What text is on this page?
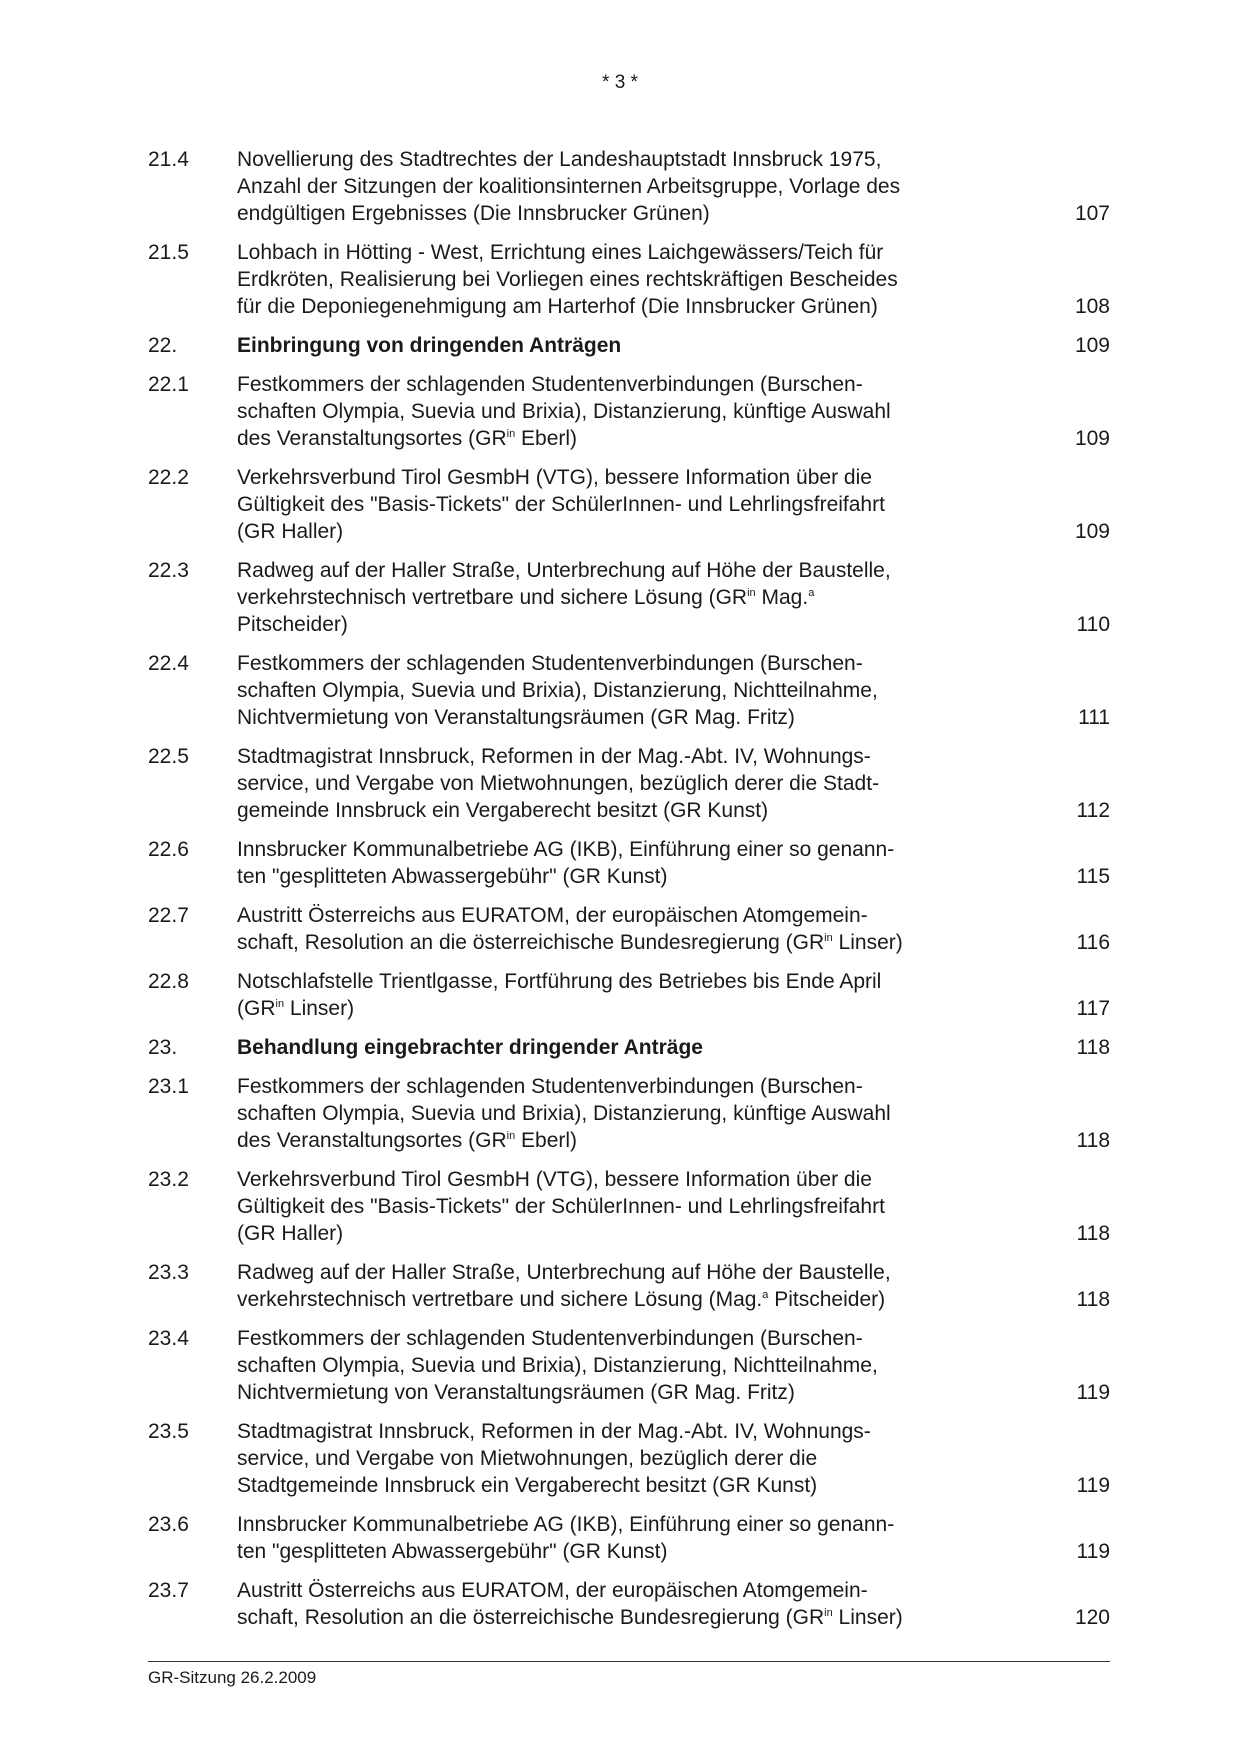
* 3 *
21.4	Novellierung des Stadtrechtes der Landeshauptstadt Innsbruck 1975,
Anzahl der Sitzungen der koalitionsinternen Arbeitsgruppe, Vorlage des
endgültigen Ergebnisses (Die Innsbrucker Grünen)	107
21.5	Lohbach in Hötting - West, Errichtung eines Laichgewässers/Teich für
Erdkröten, Realisierung bei Vorliegen eines rechtskräftigen Bescheides
für die Deponiegenehmigung am Harterhof (Die Innsbrucker Grünen)	108
22.	Einbringung von dringenden Anträgen	109
22.1	Festkommers der schlagenden Studentenverbindungen (Burschen-
schaften Olympia, Suevia und Brixia), Distanzierung, künftige Auswahl
des Veranstaltungsortes ($GR^{in}$ Eberl)	109
22.2	Verkehrsverbund Tirol GesmbH (VTG), bessere Information über die
Gültigkeit des "Basis-Tickets" der SchülerInnen- und Lehrlingsfreifahrt
(GR Haller)	109
22.3	Radweg auf der Haller Straße, Unterbrechung auf Höhe der Baustelle,
verkehrstechnisch vertretbare und sichere Lösung ($GR^{in}$ Mag.$^a$
Pitscheider)	110
22.4	Festkommers der schlagenden Studentenverbindungen (Burschen-
schaften Olympia, Suevia und Brixia), Distanzierung, Nichtteilnahme,
Nichtvermietung von Veranstaltungsräumen (GR Mag. Fritz)	111
22.5	Stadtmagistrat Innsbruck, Reformen in der Mag.-Abt. IV, Wohnungs-
service, und Vergabe von Mietwohnungen, bezüglich derer die Stadt-
gemeinde Innsbruck ein Vergaberecht besitzt (GR Kunst)	112
22.6	Innsbrucker Kommunalbetriebe AG (IKB), Einführung einer so genann-
ten "gesplitteten Abwassergebühr" (GR Kunst)	115
22.7	Austritt Österreichs aus EURATOM, der europäischen Atomgemein-
schaft, Resolution an die österreichische Bundesregierung ($GR^{in}$ Linser)	116
22.8	Notschlafstelle Trientlgasse, Fortführung des Betriebes bis Ende April
($GR^{in}$ Linser)	117
23.	Behandlung eingebrachter dringender Anträge	118
23.1	Festkommers der schlagenden Studentenverbindungen (Burschen-
schaften Olympia, Suevia und Brixia), Distanzierung, künftige Auswahl
des Veranstaltungsortes ($GR^{in}$ Eberl)	118
23.2	Verkehrsverbund Tirol GesmbH (VTG), bessere Information über die
Gültigkeit des "Basis-Tickets" der SchülerInnen- und Lehrlingsfreifahrt
(GR Haller)	118
23.3	Radweg auf der Haller Straße, Unterbrechung auf Höhe der Baustelle,
verkehrstechnisch vertretbare und sichere Lösung (Mag.$^a$ Pitscheider)	118
23.4	Festkommers der schlagenden Studentenverbindungen (Burschen-
schaften Olympia, Suevia und Brixia), Distanzierung, Nichtteilnahme,
Nichtvermietung von Veranstaltungsräumen (GR Mag. Fritz)	119
23.5	Stadtmagistrat Innsbruck, Reformen in der Mag.-Abt. IV, Wohnungs-
service, und Vergabe von Mietwohnungen, bezüglich derer die
Stadtgemeinde Innsbruck ein Vergaberecht besitzt (GR Kunst)	119
23.6	Innsbrucker Kommunalbetriebe AG (IKB), Einführung einer so genann-
ten "gesplitteten Abwassergebühr" (GR Kunst)	119
23.7	Austritt Österreichs aus EURATOM, der europäischen Atomgemein-
schaft, Resolution an die österreichische Bundesregierung ($GR^{in}$ Linser)	120
GR-Sitzung 26.2.2009
